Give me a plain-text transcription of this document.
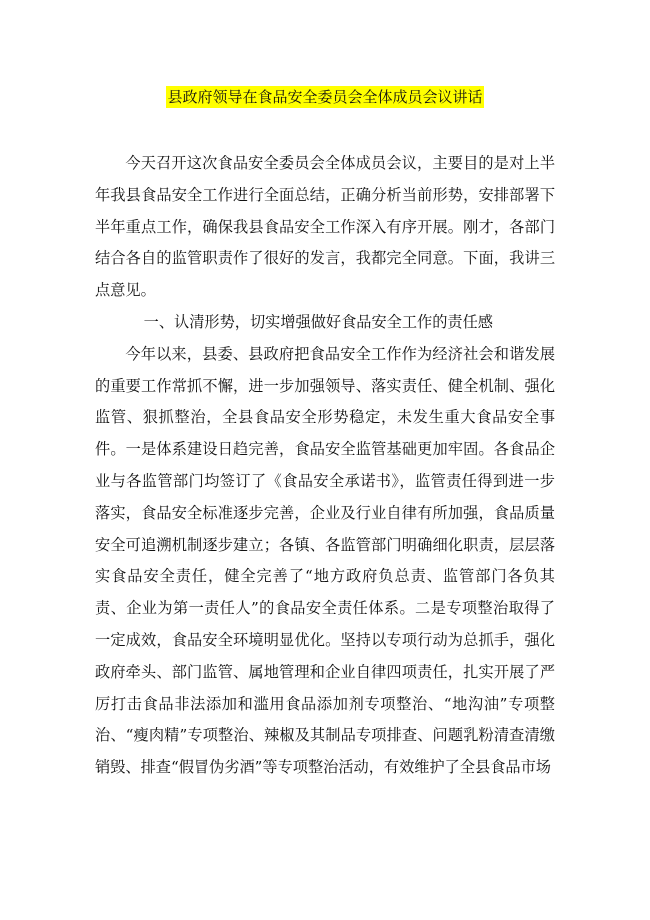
县政府领导在食品安全委员会全体成员会议讲话

今天召开这次食品安全委员会全体成员会议，主要目的是对上半年我县食品安全工作进行全面总结，正确分析当前形势，安排部署下半年重点工作，确保我县食品安全工作深入有序开展。刚才，各部门结合各自的监管职责作了很好的发言，我都完全同意。下面，我讲三点意见。

一、认清形势，切实增强做好食品安全工作的责任感

今年以来，县委、县政府把食品安全工作作为经济社会和谐发展的重要工作常抓不懈，进一步加强领导、落实责任、健全机制、强化监管、狠抓整治，全县食品安全形势稳定，未发生重大食品安全事件。一是体系建设日趋完善，食品安全监管基础更加牢固。各食品企业与各监管部门均签订了《食品安全承诺书》，监管责任得到进一步落实，食品安全标准逐步完善，企业及行业自律有所加强，食品质量安全可追溯机制逐步建立；各镇、各监管部门明确细化职责，层层落实食品安全责任，健全完善了“地方政府负总责、监管部门各负其责、企业为第一责任人”的食品安全责任体系。二是专项整治取得了一定成效，食品安全环境明显优化。坚持以专项行动为总抓手，强化政府牵头、部门监管、属地管理和企业自律四项责任，扎实开展了严厉打击食品非法添加和滥用食品添加剂专项整治、“地沟油”专项整治、“瘦肉精”专项整治、辣椒及其制品专项排查、问题乳粉清查清缴销毁、排查“假冒伪劣酒”等专项整治活动，有效维护了全县食品市场
